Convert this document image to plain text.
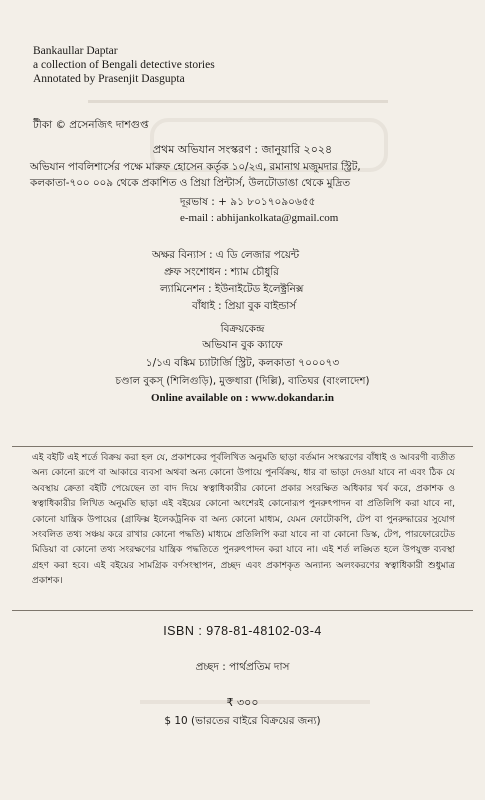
Bankaullar Daptar
a collection of Bengali detective stories
Annotated by Prasenjit Dasgupta
টীকা © প্রসেনজিৎ দাশগুপ্ত
প্রথম অভিযান সংস্করণ : জানুয়ারি ২০২৪
অভিযান পাবলিশার্সের পক্ষে মারুফ হোসেন কর্তৃক ১০/২এ, রমানাথ মজুমদার স্ট্রিট,
কলকাতা-৭০০ ০০৯ থেকে প্রকাশিত ও প্রিয়া প্রিন্টার্স, উলটোডাঙা থেকে মুদ্রিত
দূরভাষ : + ৯১ ৮০১৭০৯০৬৫৫
e-mail : abhijankolkata@gmail.com
অক্ষর বিন্যাস : এ ডি লেজার পয়েন্ট
প্রুফ সংশোধন : শ্যাম চৌধুরি
ল্যামিনেশন : ইউনাইটেড ইলেক্ট্রনিক্স
বাঁধাই : প্রিয়া বুক বাইন্ডার্স
বিক্রয়কেন্দ্র
অভিযান বুক ক্যাফে
১/১এ বঙ্কিম চ্যাটার্জি স্ট্রিট, কলকাতা ৭০০০৭৩
চণ্ডাল বুকস্ (শিলিগুড়ি), মুক্তধারা (দিল্লি), বাতিঘর (বাংলাদেশ)
Online available on : www.dokandar.in
এই বইটি এই শর্তে বিক্রয় করা হল যে, প্রকাশকের পূর্বলিখিত অনুমতি ছাড়া বর্তমান সংস্করণের বাঁধাই ও আবরণী ব্যতীত অন্য কোনো রূপে বা আকারে ব্যবসা অথবা অন্য কোনো উপায়ে পুনর্বিক্রয়, ধার বা ভাড়া দেওয়া যাবে না এবং ঠিক যে অবস্থায় ক্রেতা বইটি পেয়েছেন তা বাদ দিয়ে স্বত্বাধিকারীর কোনো প্রকার সংরক্ষিত অধিকার খর্ব করে, প্রকাশক ও স্বত্বাধিকারীর লিখিত অনুমতি ছাড়া এই বইয়ের কোনো অংশেরই কোনোরূপ পুনরুৎপাদন বা প্রতিলিপি করা যাবে না, কোনো যান্ত্রিক উপায়ের (গ্রাফিক্স ইলেকট্রনিক বা অন্য কোনো মাধ্যম, যেমন ফোটোকপি, টেপ বা পুনরুদ্ধারের সুযোগ সংবলিত তথ্য সঞ্চয় করে রাখার কোনো পদ্ধতি) মাধ্যমে প্রতিলিপি করা যাবে না বা কোনো ডিস্ক, টেপ, পারফোরেটেড মিডিয়া বা কোনো তথ্য সংরক্ষণের যান্ত্রিক পদ্ধতিতে পুনরুৎপাদন করা যাবে না। এই শর্ত লঙ্ঘিত হলে উপযুক্ত ব্যবস্থা গ্রহণ করা হবে। এই বইয়ের সামগ্রিক বর্ণসংস্থাপন, প্রচ্ছদ এবং প্রকাশকৃত অন্যান্য অলংকরণের স্বত্বাধিকারী শুধুমাত্র প্রকাশক।
ISBN : 978-81-48102-03-4
প্রচ্ছদ : পার্থপ্রতিম দাস
₹ ৩০০
$ 10 (ভারতের বাইরে বিক্রয়ের জন্য)
